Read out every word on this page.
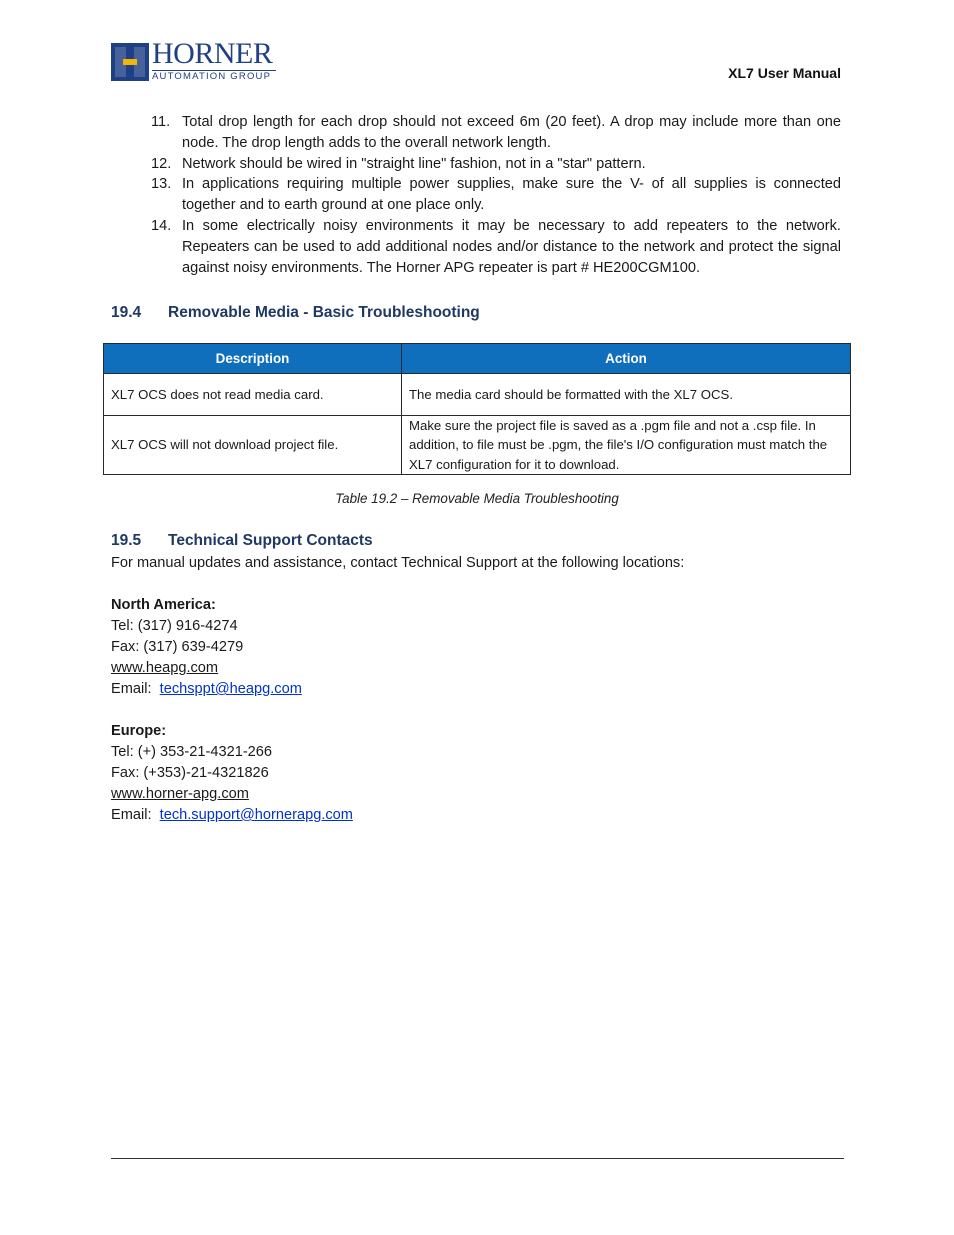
HORNER
AUTOMATION GROUP	XL7 User Manual
11. Total drop length for each drop should not exceed 6m (20 feet). A drop may include more than one node. The drop length adds to the overall network length.
12. Network should be wired in "straight line" fashion, not in a "star" pattern.
13. In applications requiring multiple power supplies, make sure the V- of all supplies is connected together and to earth ground at one place only.
14. In some electrically noisy environments it may be necessary to add repeaters to the network. Repeaters can be used to add additional nodes and/or distance to the network and protect the signal against noisy environments. The Horner APG repeater is part # HE200CGM100.
19.4 Removable Media - Basic Troubleshooting
Description	Action
XL7 OCS does not read media card.	The media card should be formatted with the XL7 OCS.
XL7 OCS will not download project file.	Make sure the project file is saved as a .pgm file and not a .csp file. In addition, to file must be .pgm, the file's I/O configuration must match the XL7 configuration for it to download.
Table 19.2 – Removable Media Troubleshooting
19.5 Technical Support Contacts
For manual updates and assistance, contact Technical Support at the following locations:
North America:
Tel: (317) 916-4274
Fax: (317) 639-4279
www.heapg.com
Email:  techsppt@heapg.com
Europe:
Tel: (+) 353-21-4321-266
Fax: (+353)-21-4321826
www.horner-apg.com
Email:  tech.support@hornerapg.com
